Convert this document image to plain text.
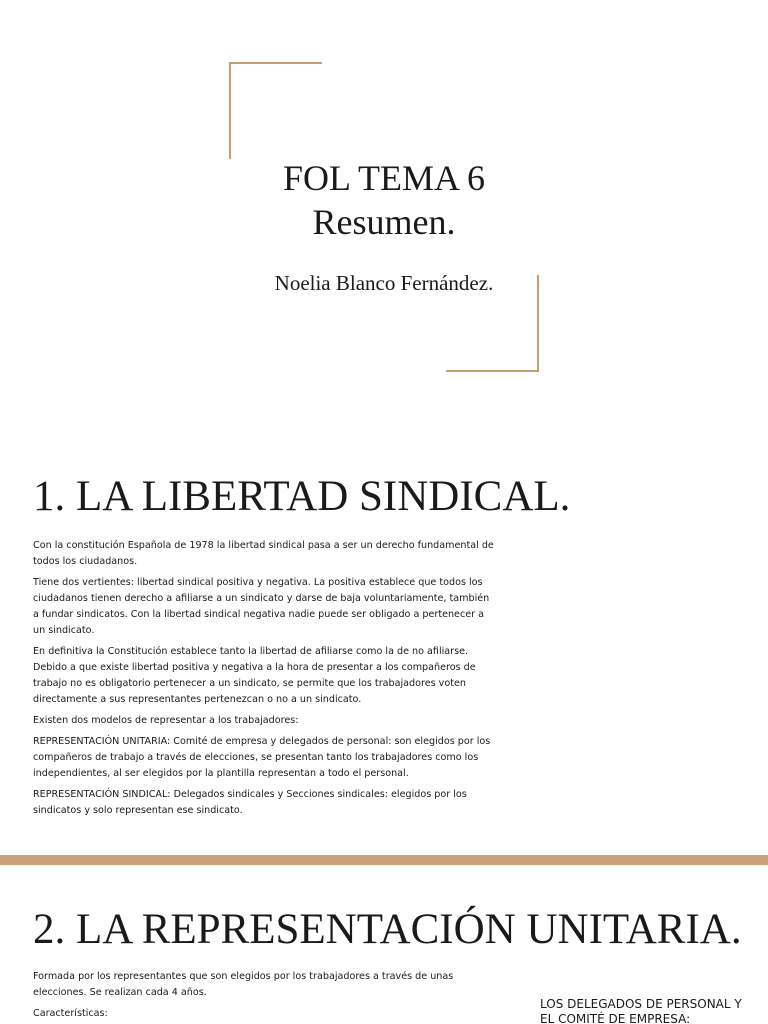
FOL TEMA 6
Resumen.
Noelia Blanco Fernández.
1. LA LIBERTAD SINDICAL.

Con la constitución Española de 1978 la libertad sindical pasa a ser un derecho fundamental de todos los ciudadanos.

Tiene dos vertientes: libertad sindical positiva y negativa. La positiva establece que todos los ciudadanos tienen derecho a afiliarse a un sindicato y darse de baja voluntariamente, también a fundar sindicatos. Con la libertad sindical negativa nadie puede ser obligado a pertenecer a un sindicato.

En definitiva la Constitución establece tanto la libertad de afiliarse como la de no afiliarse. Debido a que existe libertad positiva y negativa a la hora de presentar a los compañeros de trabajo no es obligatorio pertenecer a un sindicato, se permite que los trabajadores voten directamente a sus representantes pertenezcan o no a un sindicato.

Existen dos modelos de representar a los trabajadores:

REPRESENTACIÓN UNITARIA: Comité de empresa y delegados de personal: son elegidos por los compañeros de trabajo a través de elecciones, se presentan tanto los trabajadores como los independientes, al ser elegidos por la plantilla representan a todo el personal.

REPRESENTACIÓN SINDICAL: Delegados sindicales y Secciones sindicales: elegidos por los sindicatos y solo representan ese sindicato.

2. LA REPRESENTACIÓN UNITARIA.

Formada por los representantes que son elegidos por los trabajadores a través de unas elecciones. Se realizan cada 4 años.

Características:

LOS DELEGADOS DE PERSONAL Y EL COMITÉ DE EMPRESA:
